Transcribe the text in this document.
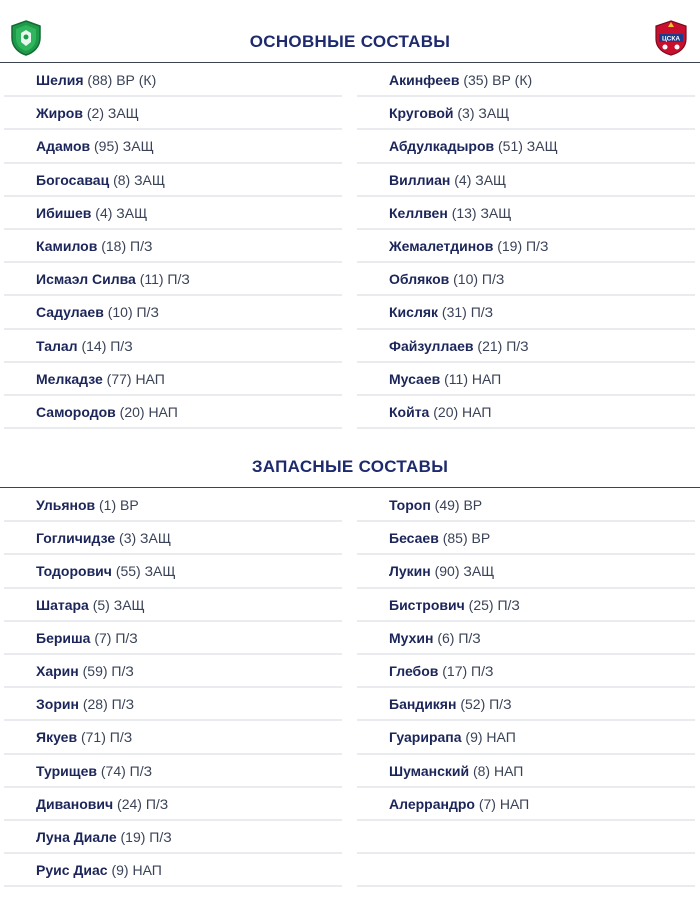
ЦСКА
ОСНОВНЫЕ СОСТАВЫ
Шелия (88) ВР (К)
Жиров (2) ЗАЩ
Адамов (95) ЗАЩ
Богосавац (8) ЗАЩ
Ибишев (4) ЗАЩ
Камилов (18) П/З
Исмаэл Силва (11) П/З
Садулаев (10) П/З
Талал (14) П/З
Мелкадзе (77) НАП
Самородов (20) НАП
Акинфеев (35) ВР (К)
Круговой (3) ЗАЩ
Абдулкадыров (51) ЗАЩ
Виллиан (4) ЗАЩ
Келлвен (13) ЗАЩ
Жемалетдинов (19) П/З
Обляков (10) П/З
Кисляк (31) П/З
Файзуллаев (21) П/З
Мусаев (11) НАП
Койта (20) НАП
ЗАПАСНЫЕ СОСТАВЫ
Ульянов (1) ВР
Гогличидзе (3) ЗАЩ
Тодорович (55) ЗАЩ
Шатара (5) ЗАЩ
Бериша (7) П/З
Харин (59) П/З
Зорин (28) П/З
Якуев (71) П/З
Турищев (74) П/З
Диванович (24) П/З
Луна Диале (19) П/З
Руис Диас (9) НАП
Тороп (49) ВР
Бесаев (85) ВР
Лукин (90) ЗАЩ
Бистрович (25) П/З
Мухин (6) П/З
Глебов (17) П/З
Бандикян (52) П/З
Гуарирапа (9) НАП
Шуманский (8) НАП
Алеррандро (7) НАП
